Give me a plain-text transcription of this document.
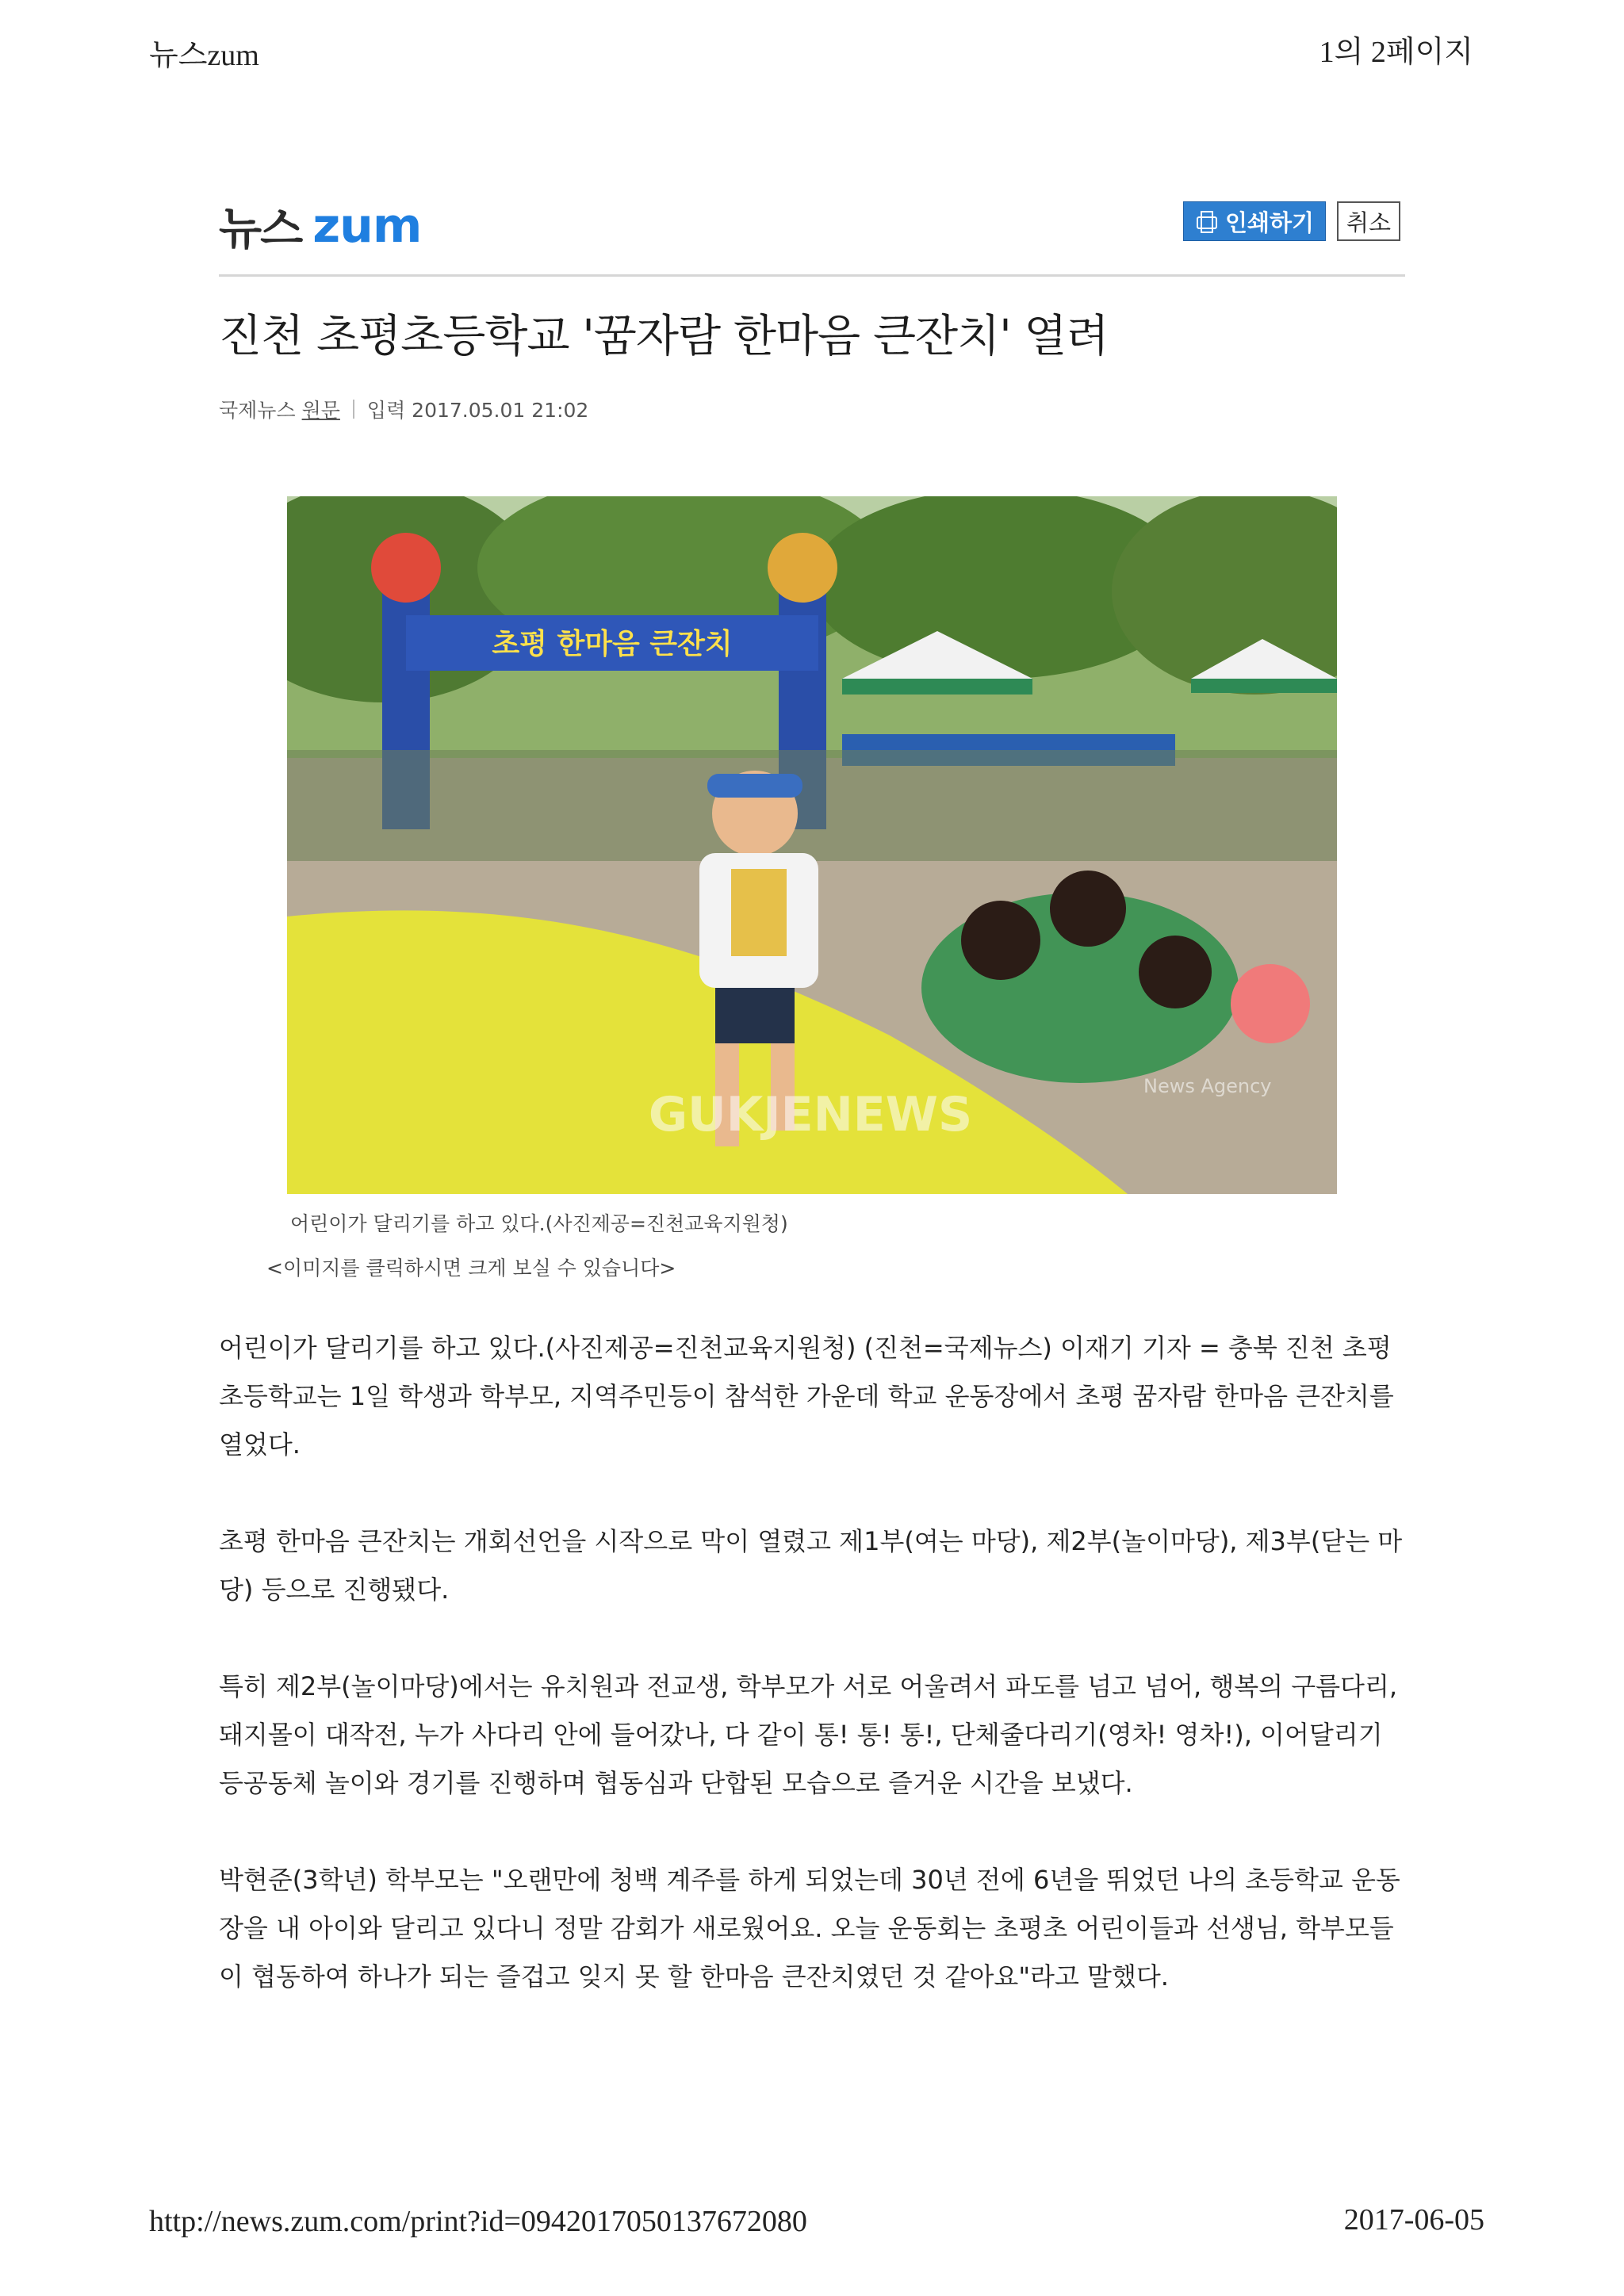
뉴스zum	1의 2페이지
뉴스 zum	인쇄하기	취소
진천 초평초등학교 '꿈자람 한마음 큰잔치' 열려
국제뉴스 원문 입력 2017.05.01 21:02
초평 한마음 큰잔치
GUKJENEWS
News Agency
어린이가 달리기를 하고 있다.(사진제공=진천교육지원청)
<이미지를 클릭하시면 크게 보실 수 있습니다>

어린이가 달리기를 하고 있다.(사진제공=진천교육지원청) (진천=국제뉴스) 이재기 기자 = 충북 진천 초평초등학교는 1일 학생과 학부모, 지역주민등이 참석한 가운데 학교 운동장에서 초평 꿈자람 한마음 큰잔치를 열었다.

초평 한마음 큰잔치는 개회선언을 시작으로 막이 열렸고 제1부(여는 마당), 제2부(놀이마당), 제3부(닫는 마당) 등으로 진행됐다.

특히 제2부(놀이마당)에서는 유치원과 전교생, 학부모가 서로 어울려서 파도를 넘고 넘어, 행복의 구름다리, 돼지몰이 대작전, 누가 사다리 안에 들어갔나, 다 같이 통! 통! 통!, 단체줄다리기(영차! 영차!), 이어달리기 등공동체 놀이와 경기를 진행하며 협동심과 단합된 모습으로 즐거운 시간을 보냈다.

박현준(3학년) 학부모는 "오랜만에 청백 계주를 하게 되었는데 30년 전에 6년을 뛰었던 나의 초등학교 운동장을 내 아이와 달리고 있다니 정말 감회가 새로웠어요. 오늘 운동회는 초평초 어린이들과 선생님, 학부모들이 협동하여 하나가 되는 즐겁고 잊지 못 할 한마음 큰잔치였던 것 같아요"라고 말했다.

http://news.zum.com/print?id=0942017050137672080	2017-06-05
